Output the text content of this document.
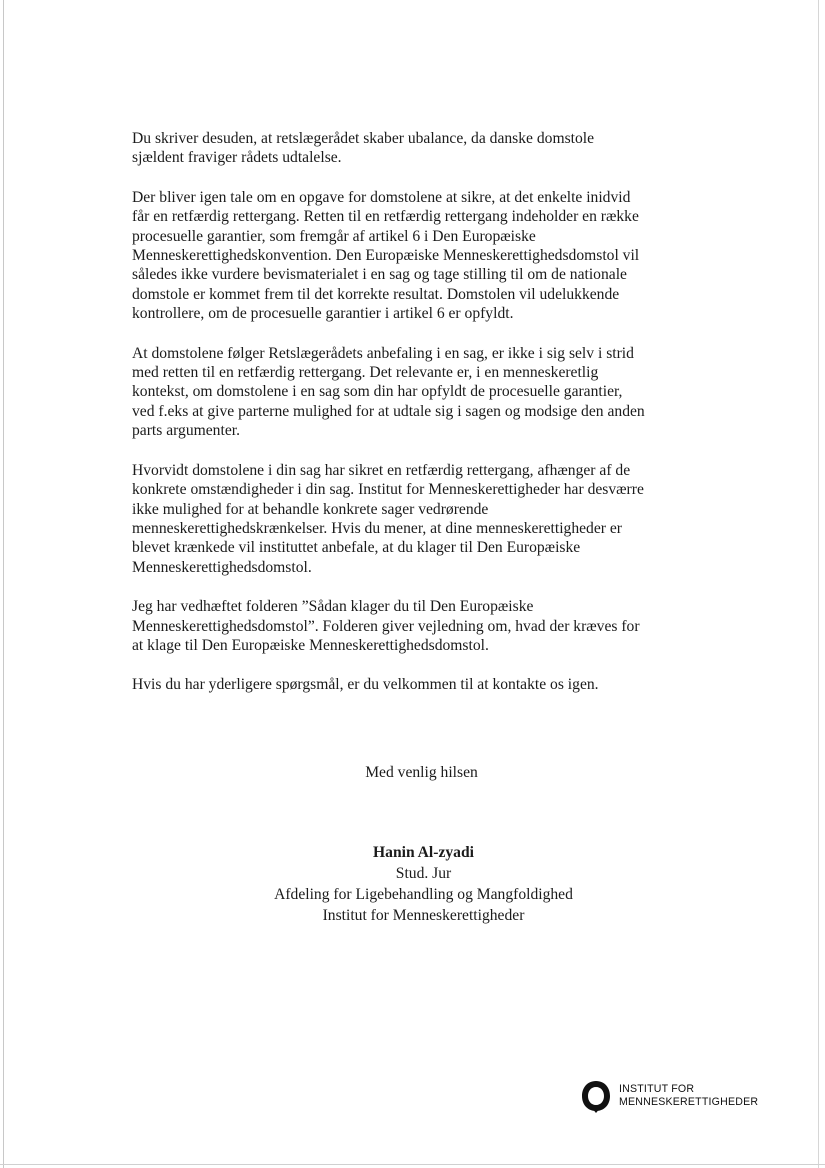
Du skriver desuden, at retslægerådet skaber ubalance, da danske domstole
sjældent fraviger rådets udtalelse.

Der bliver igen tale om en opgave for domstolene at sikre, at det enkelte inidvid
får en retfærdig rettergang. Retten til en retfærdig rettergang indeholder en række
procesuelle garantier, som fremgår af artikel 6 i Den Europæiske
Menneskerettighedskonvention. Den Europæiske Menneskerettighedsdomstol vil
således ikke vurdere bevismaterialet i en sag og tage stilling til om de nationale
domstole er kommet frem til det korrekte resultat. Domstolen vil udelukkende
kontrollere, om de procesuelle garantier i artikel 6 er opfyldt.

At domstolene følger Retslægerådets anbefaling i en sag, er ikke i sig selv i strid
med retten til en retfærdig rettergang. Det relevante er, i en menneskeretlig
kontekst, om domstolene i en sag som din har opfyldt de procesuelle garantier,
ved f.eks at give parterne mulighed for at udtale sig i sagen og modsige den anden
parts argumenter.

Hvorvidt domstolene i din sag har sikret en retfærdig rettergang, afhænger af de
konkrete omstændigheder i din sag. Institut for Menneskerettigheder har desværre
ikke mulighed for at behandle konkrete sager vedrørende
menneskerettighedskrænkelser. Hvis du mener, at dine menneskerettigheder er
blevet krænkede vil instituttet anbefale, at du klager til Den Europæiske
Menneskerettighedsdomstol.

Jeg har vedhæftet folderen ”Sådan klager du til Den Europæiske
Menneskerettighedsdomstol”. Folderen giver vejledning om, hvad der kræves for
at klage til Den Europæiske Menneskerettighedsdomstol.

Hvis du har yderligere spørgsmål, er du velkommen til at kontakte os igen.

Med venlig hilsen
Hanin Al-zyadi
Stud. Jur
Afdeling for Ligebehandling og Mangfoldighed
Institut for Menneskerettigheder
INSTITUT FOR
MENNESKERETTIGHEDER
